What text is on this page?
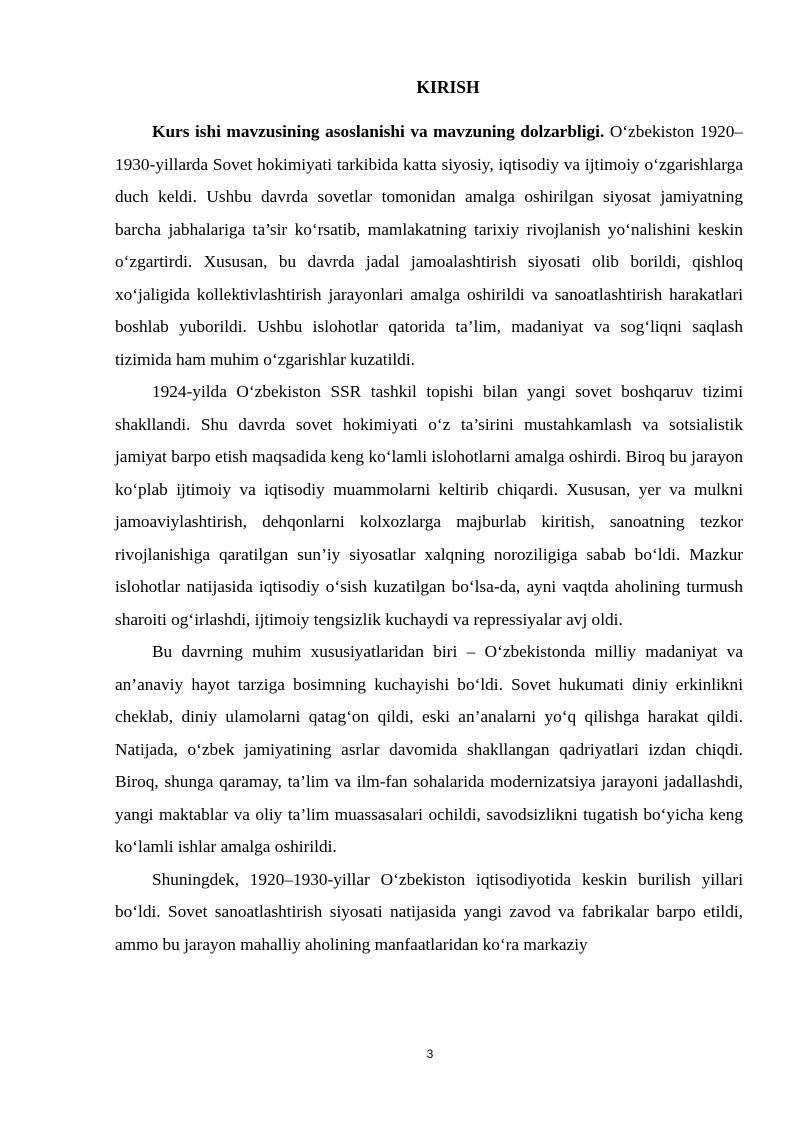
KIRISH

Kurs ishi mavzusining asoslanishi va mavzuning dolzarbligi. O‘zbekiston 1920–1930-yillarda Sovet hokimiyati tarkibida katta siyosiy, iqtisodiy va ijtimoiy o‘zgarishlarga duch keldi. Ushbu davrda sovetlar tomonidan amalga oshirilgan siyosat jamiyatning barcha jabhalariga ta’sir ko‘rsatib, mamlakatning tarixiy rivojlanish yo‘nalishini keskin o‘zgartirdi. Xususan, bu davrda jadal jamoalashtirish siyosati olib borildi, qishloq xo‘jaligida kollektivlashtirish jarayonlari amalga oshirildi va sanoatlashtirish harakatlari boshlab yuborildi. Ushbu islohotlar qatorida ta’lim, madaniyat va sog‘liqni saqlash tizimida ham muhim o‘zgarishlar kuzatildi.

1924-yilda O‘zbekiston SSR tashkil topishi bilan yangi sovet boshqaruv tizimi shakllandi. Shu davrda sovet hokimiyati o‘z ta’sirini mustahkamlash va sotsialistik jamiyat barpo etish maqsadida keng ko‘lamli islohotlarni amalga oshirdi. Biroq bu jarayon ko‘plab ijtimoiy va iqtisodiy muammolarni keltirib chiqardi. Xususan, yer va mulkni jamoaviylashtirish, dehqonlarni kolxozlarga majburlab kiritish, sanoatning tezkor rivojlanishiga qaratilgan sun’iy siyosatlar xalqning noroziligiga sabab bo‘ldi. Mazkur islohotlar natijasida iqtisodiy o‘sish kuzatilgan bo‘lsa-da, ayni vaqtda aholining turmush sharoiti og‘irlashdi, ijtimoiy tengsizlik kuchaydi va repressiyalar avj oldi.

Bu davrning muhim xususiyatlaridan biri – O‘zbekistonda milliy madaniyat va an’anaviy hayot tarziga bosimning kuchayishi bo‘ldi. Sovet hukumati diniy erkinlikni cheklab, diniy ulamolarni qatag‘on qildi, eski an’analarni yo‘q qilishga harakat qildi. Natijada, o‘zbek jamiyatining asrlar davomida shakllangan qadriyatlari izdan chiqdi. Biroq, shunga qaramay, ta’lim va ilm-fan sohalarida modernizatsiya jarayoni jadallashdi, yangi maktablar va oliy ta’lim muassasalari ochildi, savodsizlikni tugatish bo‘yicha keng ko‘lamli ishlar amalga oshirildi.

Shuningdek, 1920–1930-yillar O‘zbekiston iqtisodiyotida keskin burilish yillari bo‘ldi. Sovet sanoatlashtirish siyosati natijasida yangi zavod va fabrikalar barpo etildi, ammo bu jarayon mahalliy aholining manfaatlaridan ko‘ra markaziy

3
